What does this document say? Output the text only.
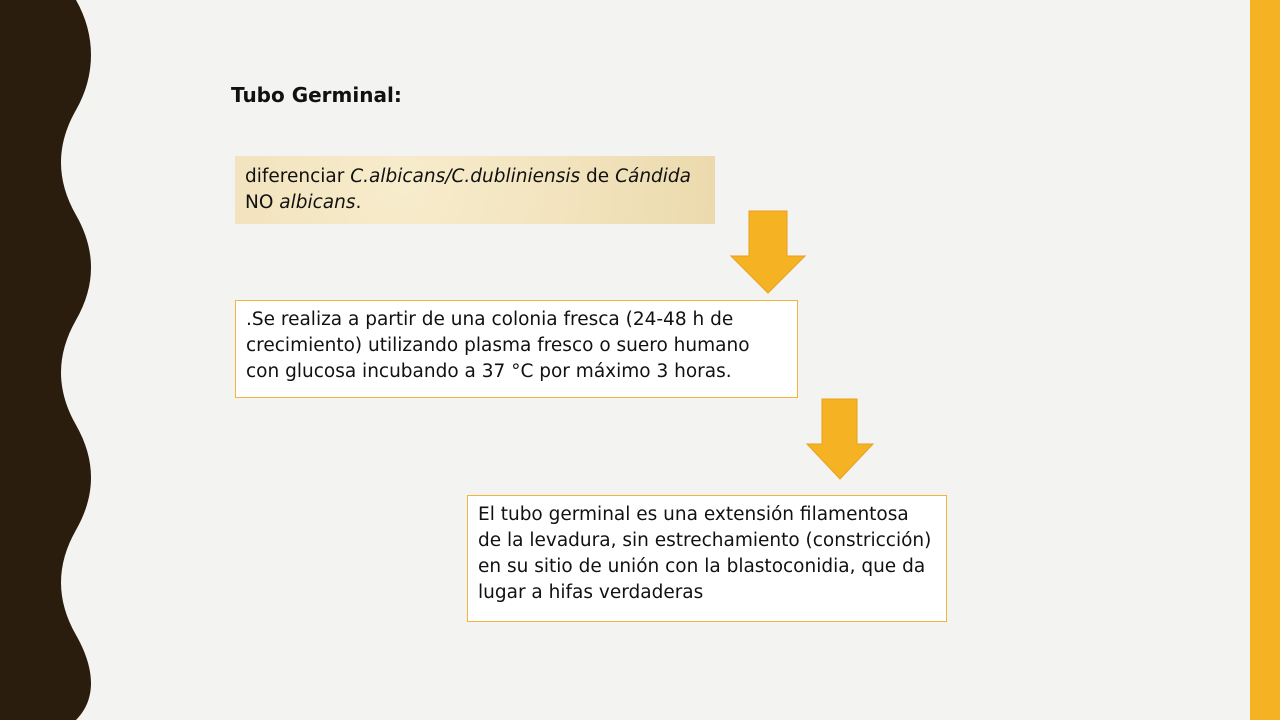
Tubo Germinal:
diferenciar C.albicans/C.dubliniensis de Cándida NO albicans.
.Se realiza a partir de una colonia fresca (24-48 h de crecimiento) utilizando plasma fresco o suero humano con glucosa incubando a 37 °C por máximo 3 horas.
El tubo germinal es una extensión filamentosa de la levadura, sin estrechamiento (constricción) en su sitio de unión con la blastoconidia, que da lugar a hifas verdaderas
